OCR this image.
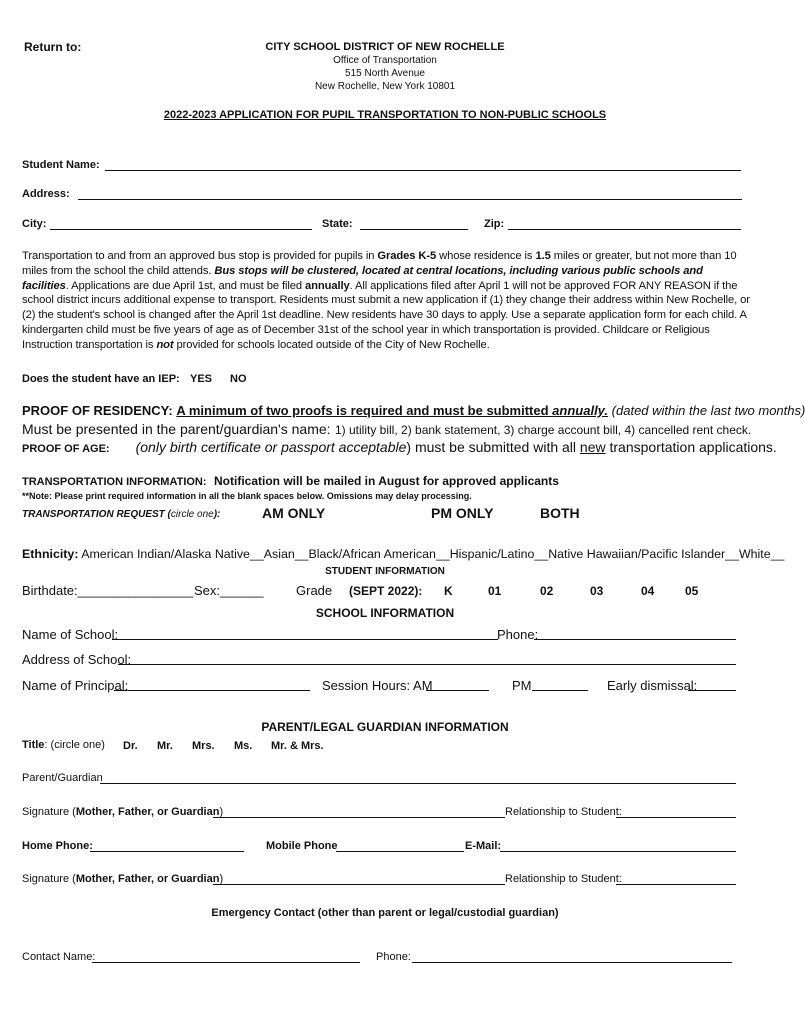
Return to:	CITY SCHOOL DISTRICT OF NEW ROCHELLE
Office of Transportation
515 North Avenue
New Rochelle, New York 10801
2022-2023 APPLICATION FOR PUPIL TRANSPORTATION TO NON-PUBLIC SCHOOLS
Student Name:
Address:
City:	State:	Zip:
Transportation to and from an approved bus stop is provided for pupils in Grades K-5 whose residence is 1.5 miles or greater, but not more than 10 miles from the school the child attends. Bus stops will be clustered, located at central locations, including various public schools and facilities. Applications are due April 1st, and must be filed annually. All applications filed after April 1 will not be approved FOR ANY REASON if the school district incurs additional expense to transport. Residents must submit a new application if (1) they change their address within New Rochelle, or (2) the student's school is changed after the April 1st deadline. New residents have 30 days to apply. Use a separate application form for each child. A kindergarten child must be five years of age as of December 31st of the school year in which transportation is provided. Childcare or Religious Instruction transportation is not provided for schools located outside of the City of New Rochelle.
Does the student have an IEP: YES NO
PROOF OF RESIDENCY: A minimum of two proofs is required and must be submitted annually. (dated within the last two months)
Must be presented in the parent/guardian's name: 1) utility bill, 2) bank statement, 3) charge account bill, 4) cancelled rent check.
PROOF OF AGE: (only birth certificate or passport acceptable) must be submitted with all new transportation applications.
TRANSPORTATION INFORMATION: Notification will be mailed in August for approved applicants
**Note: Please print required information in all the blank spaces below. Omissions may delay processing.
TRANSPORTATION REQUEST (circle one):	AM ONLY	PM ONLY	BOTH
Ethnicity: American Indian/Alaska Native__Asian__Black/African American__Hispanic/Latino__Native Hawaiian/Pacific Islander__White__
STUDENT INFORMATION
Birthdate:________________ Sex:______	Grade (SEPT 2022): K	01	02	03	04	05
SCHOOL INFORMATION
Name of School:	Phone:
Address of School:
Name of Principal:	Session Hours: AM	PM	Early dismissal:
PARENT/LEGAL GUARDIAN INFORMATION
Title: (circle one) Dr. Mr. Mrs. Ms. Mr. & Mrs.
Parent/Guardian
Signature (Mother, Father, or Guardian)	Relationship to Student:
Home Phone:	Mobile Phone	E-Mail:
Signature (Mother, Father, or Guardian)	Relationship to Student:
Emergency Contact (other than parent or legal/custodial guardian)
Contact Name:	Phone:
